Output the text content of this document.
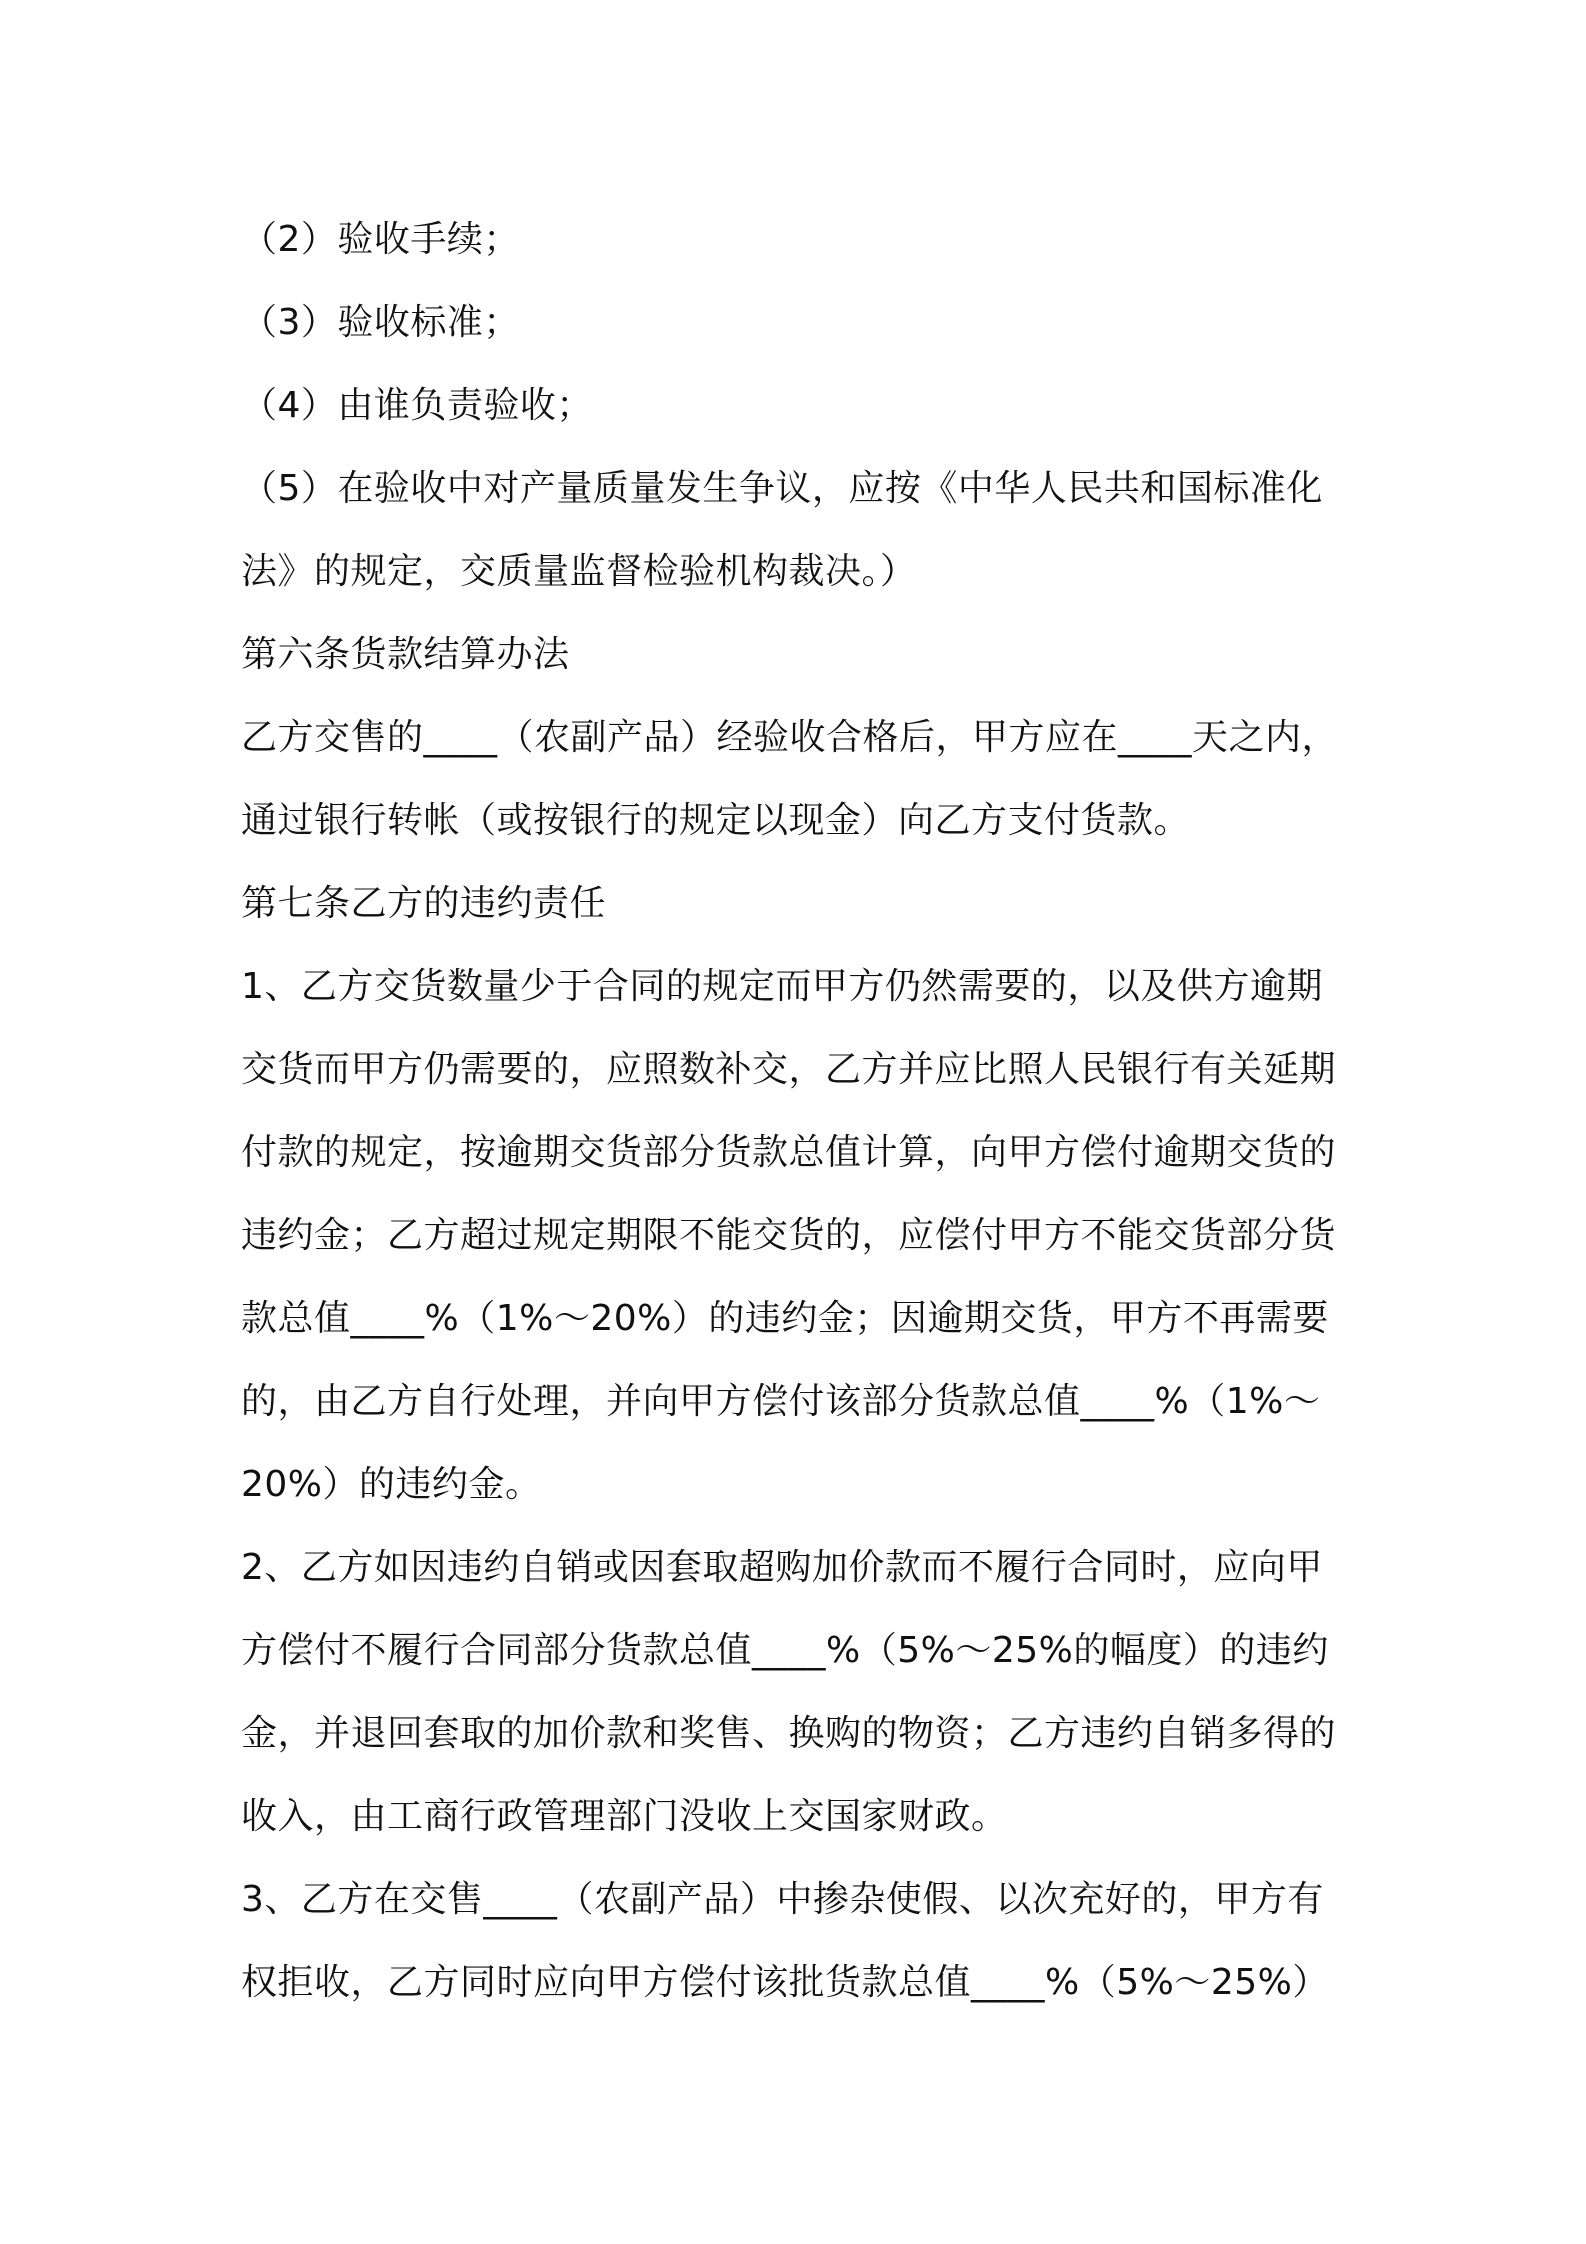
（2）验收手续；

（3）验收标准；

（4）由谁负责验收；

（5）在验收中对产量质量发生争议，应按《中华人民共和国标准化

法》的规定，交质量监督检验机构裁决。）

第六条货款结算办法

乙方交售的____（农副产品）经验收合格后，甲方应在____天之内，

通过银行转帐（或按银行的规定以现金）向乙方支付货款。

第七条乙方的违约责任

1、乙方交货数量少于合同的规定而甲方仍然需要的，以及供方逾期

交货而甲方仍需要的，应照数补交，乙方并应比照人民银行有关延期

付款的规定，按逾期交货部分货款总值计算，向甲方偿付逾期交货的

违约金；乙方超过规定期限不能交货的，应偿付甲方不能交货部分货

款总值____%（1%～20%）的违约金；因逾期交货，甲方不再需要

的，由乙方自行处理，并向甲方偿付该部分货款总值____%（1%～

20%）的违约金。

2、乙方如因违约自销或因套取超购加价款而不履行合同时，应向甲

方偿付不履行合同部分货款总值____%（5%～25%的幅度）的违约

金，并退回套取的加价款和奖售、换购的物资；乙方违约自销多得的

收入，由工商行政管理部门没收上交国家财政。

3、乙方在交售____（农副产品）中掺杂使假、以次充好的，甲方有

权拒收，乙方同时应向甲方偿付该批货款总值____%（5%～25%）
